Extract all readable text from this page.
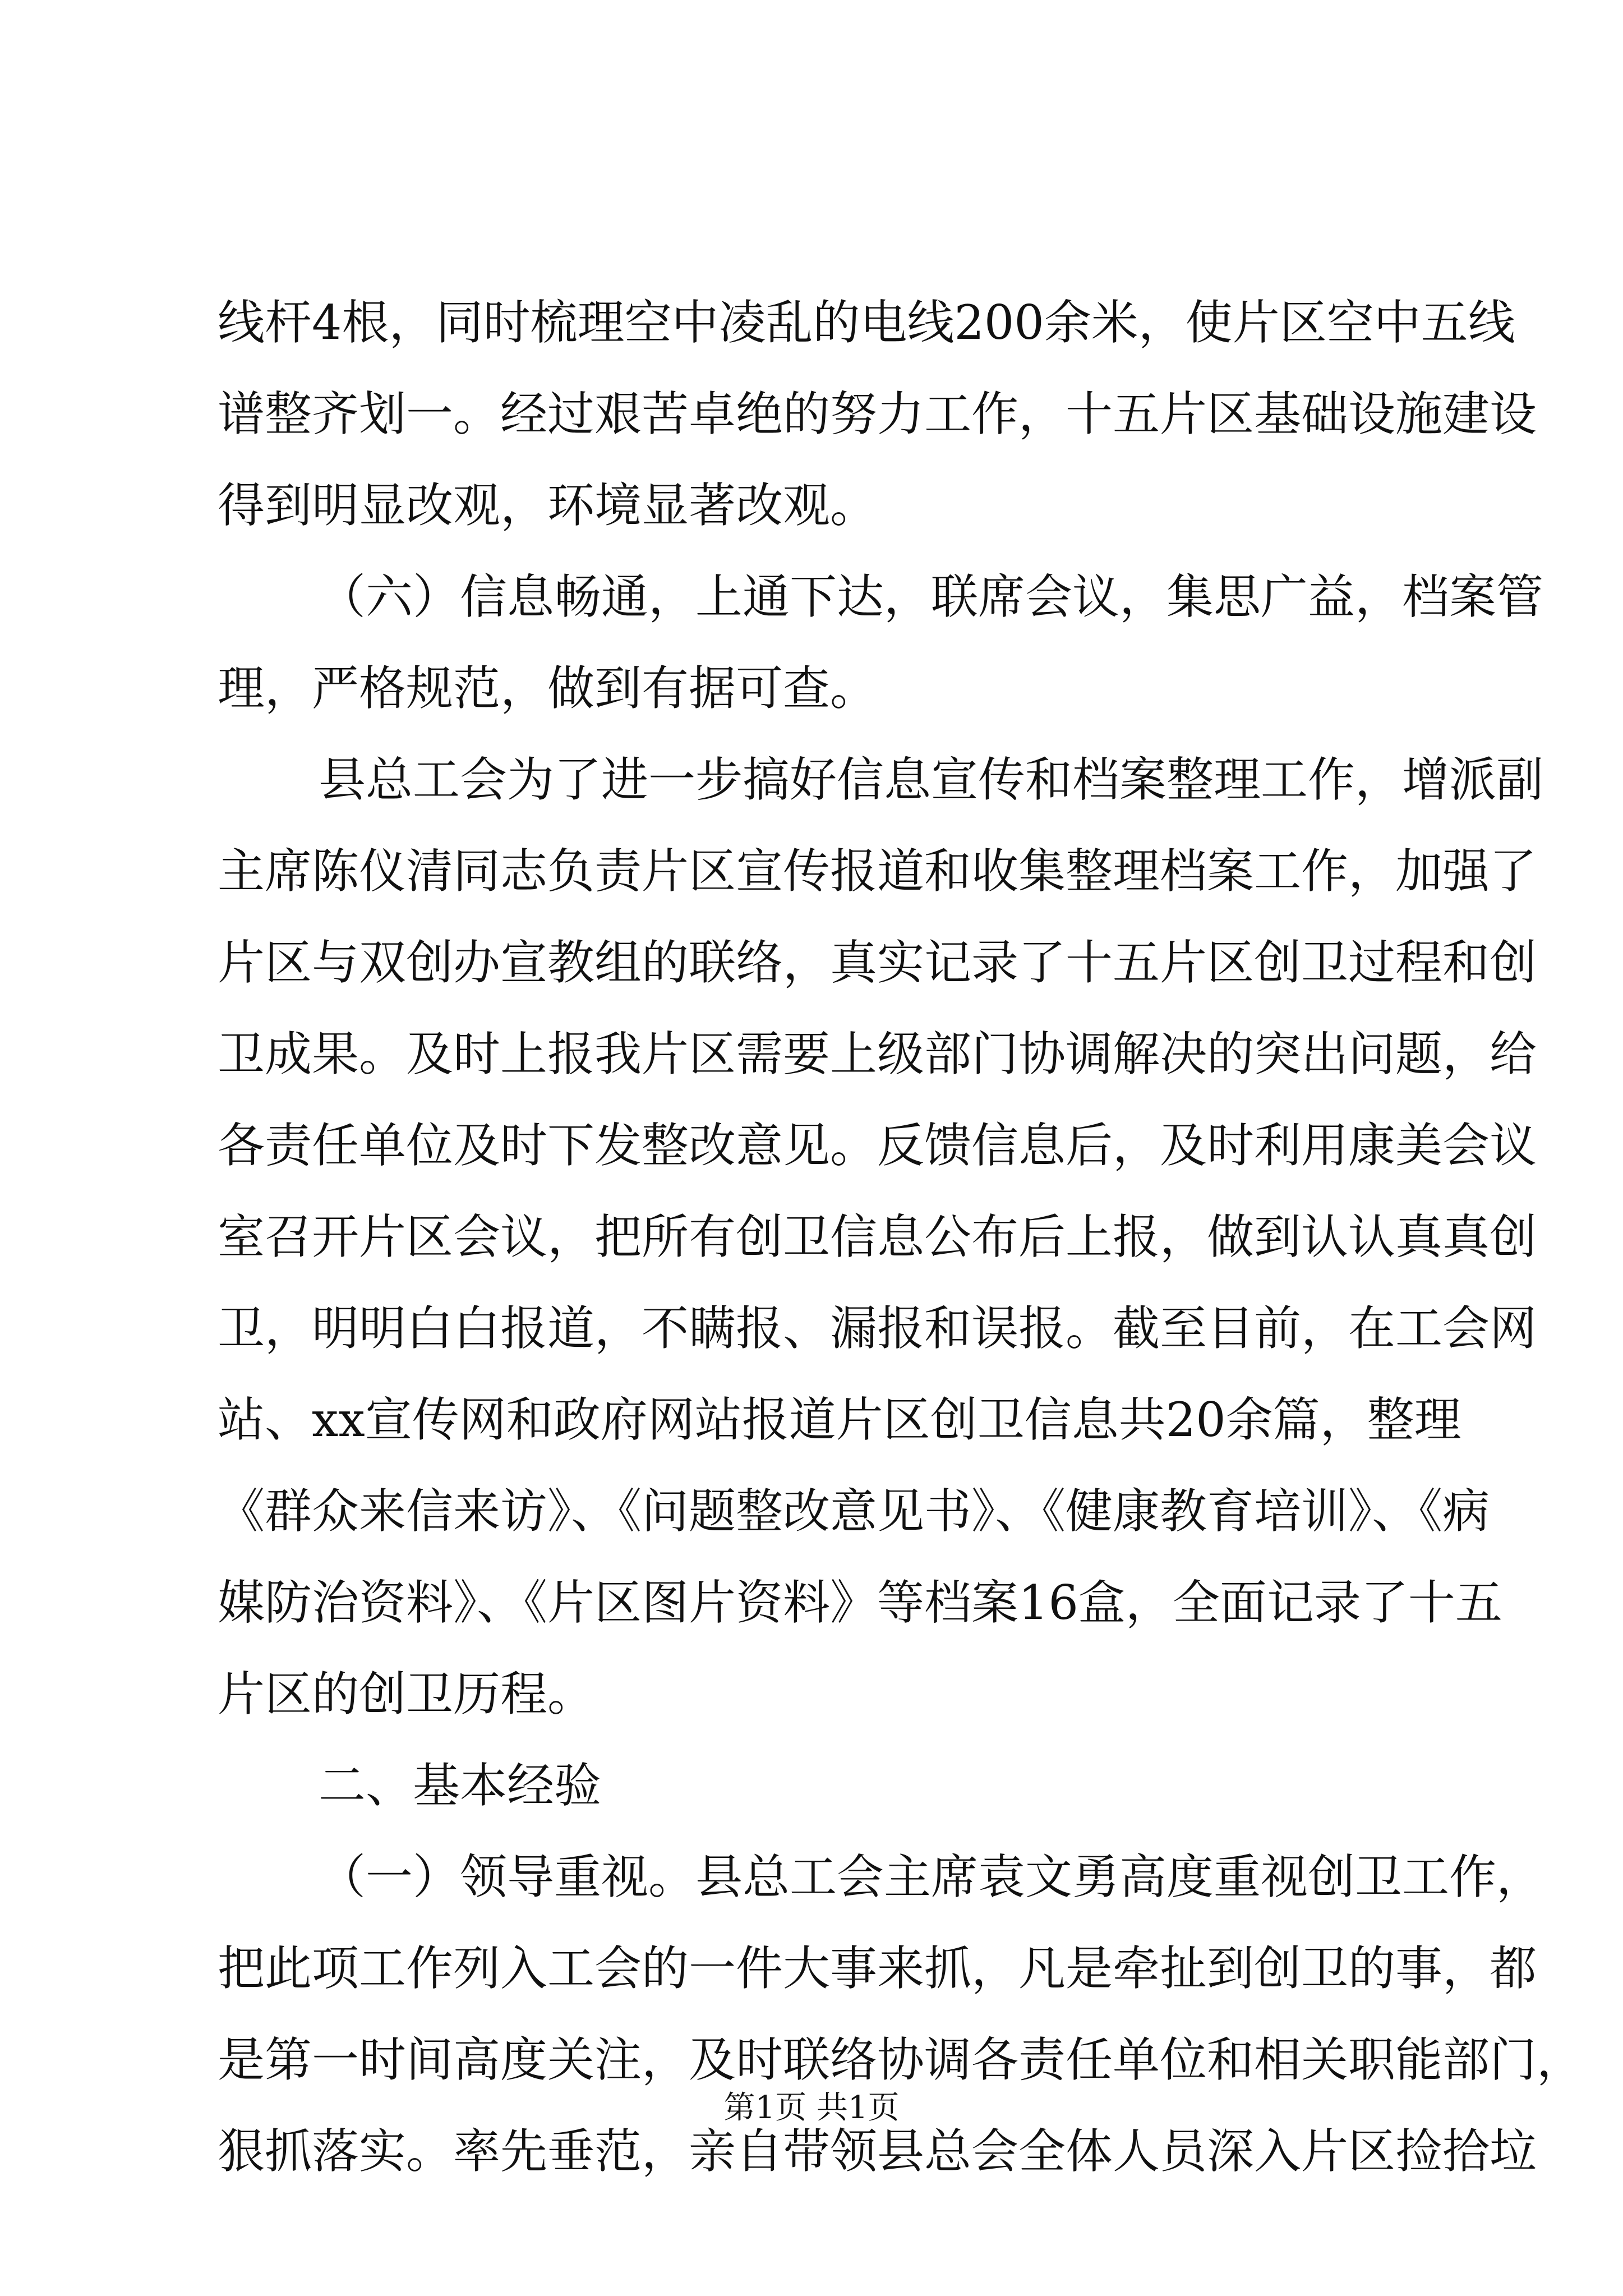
线杆4根，同时梳理空中凌乱的电线200余米，使片区空中五线
谱整齐划一。经过艰苦卓绝的努力工作，十五片区基础设施建设
得到明显改观，环境显著改观。
（六）信息畅通，上通下达，联席会议，集思广益，档案管
理，严格规范，做到有据可查。
县总工会为了进一步搞好信息宣传和档案整理工作，增派副
主席陈仪清同志负责片区宣传报道和收集整理档案工作，加强了
片区与双创办宣教组的联络，真实记录了十五片区创卫过程和创
卫成果。及时上报我片区需要上级部门协调解决的突出问题，给
各责任单位及时下发整改意见。反馈信息后，及时利用康美会议
室召开片区会议，把所有创卫信息公布后上报，做到认认真真创
卫，明明白白报道，不瞒报、漏报和误报。截至目前，在工会网
站、xx宣传网和政府网站报道片区创卫信息共20余篇，整理
《群众来信来访》、《问题整改意见书》、《健康教育培训》、《病
媒防治资料》、《片区图片资料》等档案16盒，全面记录了十五
片区的创卫历程。
二、基本经验
（一）领导重视。县总工会主席袁文勇高度重视创卫工作，
把此项工作列入工会的一件大事来抓，凡是牵扯到创卫的事，都
是第一时间高度关注，及时联络协调各责任单位和相关职能部门，
狠抓落实。率先垂范，亲自带领县总会全体人员深入片区捡拾垃
第1页 共1页
